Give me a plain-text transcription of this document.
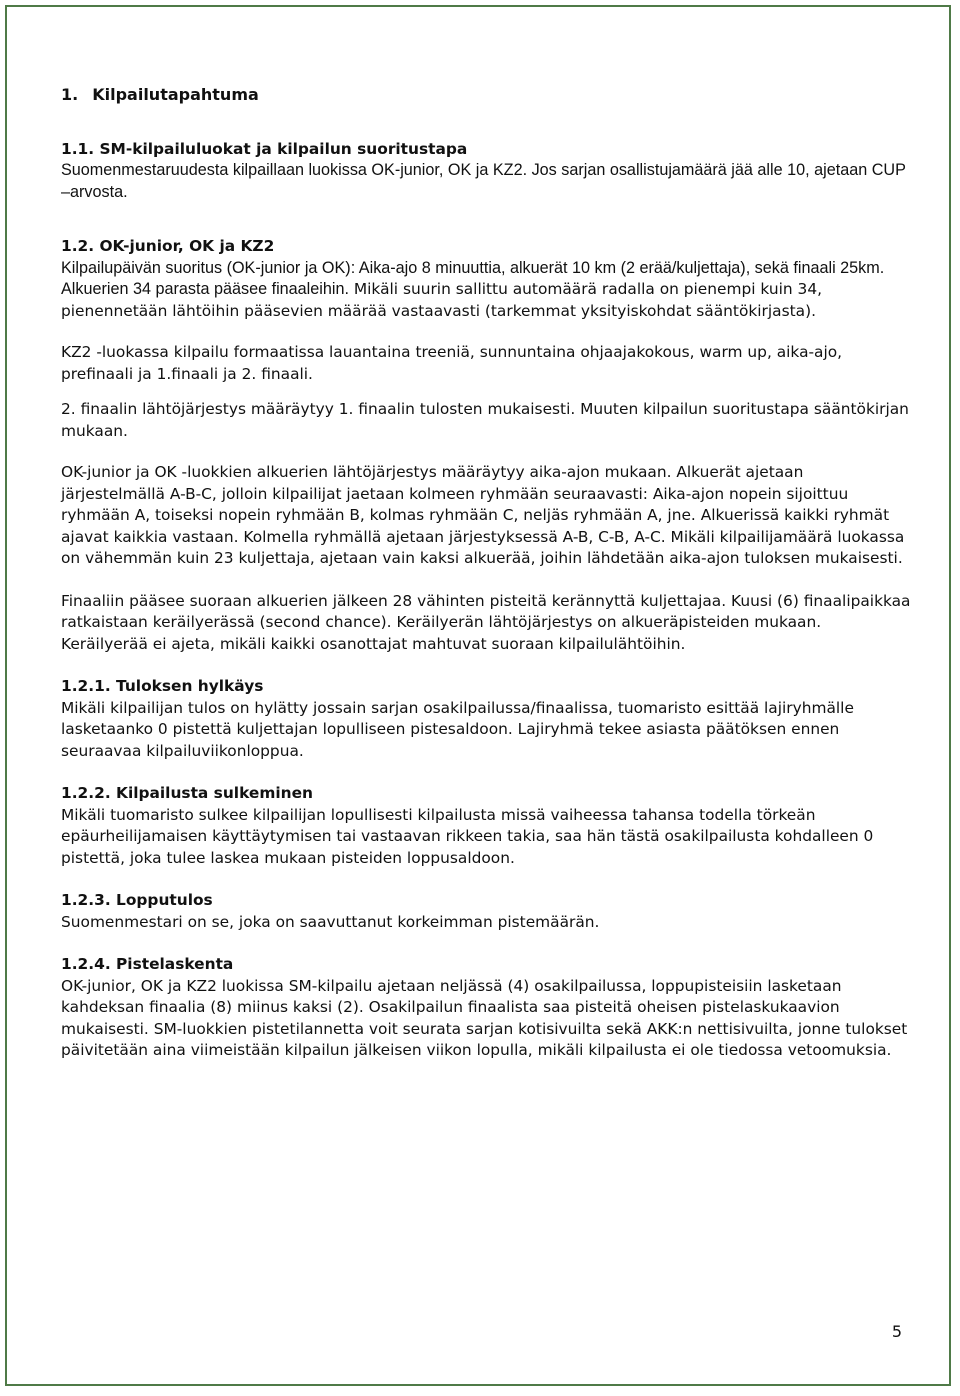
1. Kilpailutapahtuma
1.1. SM-kilpailuluokat ja kilpailun suoritustapa

Suomenmestaruudesta kilpaillaan luokissa OK-junior, OK ja KZ2. Jos sarjan osallistujamäärä jää alle 10, ajetaan CUP –arvosta.

1.2. OK-junior, OK ja KZ2

Kilpailupäivän suoritus (OK-junior ja OK): Aika-ajo 8 minuuttia, alkuerät 10 km (2 erää/kuljettaja), sekä finaali 25km. Alkuerien 34 parasta pääsee finaaleihin. Mikäli suurin sallittu automäärä radalla on pienempi kuin 34, pienennetään lähtöihin pääsevien määrää vastaavasti (tarkemmat yksityiskohdat sääntökirjasta).

KZ2 -luokassa kilpailu formaatissa lauantaina treeniä, sunnuntaina ohjaajakokous, warm up, aika-ajo, prefinaali ja 1.finaali ja 2. finaali.

2. finaalin lähtöjärjestys määräytyy 1. finaalin tulosten mukaisesti. Muuten kilpailun suoritustapa sääntökirjan mukaan.

OK-junior ja OK -luokkien alkuerien lähtöjärjestys määräytyy aika-ajon mukaan. Alkuerät ajetaan järjestelmällä A-B-C, jolloin kilpailijat jaetaan kolmeen ryhmään seuraavasti: Aika-ajon nopein sijoittuu ryhmään A, toiseksi nopein ryhmään B, kolmas ryhmään C, neljäs ryhmään A, jne. Alkuerissä kaikki ryhmät ajavat kaikkia vastaan. Kolmella ryhmällä ajetaan järjestyksessä A-B, C-B, A-C. Mikäli kilpailijamäärä luokassa on vähemmän kuin 23 kuljettaja, ajetaan vain kaksi alkuerää, joihin lähdetään aika-ajon tuloksen mukaisesti.

Finaaliin pääsee suoraan alkuerien jälkeen 28 vähinten pisteitä kerännyttä kuljettajaa. Kuusi (6) finaalipaikkaa ratkaistaan keräilyerässä (second chance). Keräilyerän lähtöjärjestys on alkueräpisteiden mukaan. Keräilyerää ei ajeta, mikäli kaikki osanottajat mahtuvat suoraan kilpailulähtöihin.

1.2.1. Tuloksen hylkäys

Mikäli kilpailijan tulos on hylätty jossain sarjan osakilpailussa/finaalissa, tuomaristo esittää lajiryhmälle lasketaanko 0 pistettä kuljettajan lopulliseen pistesaldoon. Lajiryhmä tekee asiasta päätöksen ennen seuraavaa kilpailuviikonloppua.

1.2.2. Kilpailusta sulkeminen

Mikäli tuomaristo sulkee kilpailijan lopullisesti kilpailusta missä vaiheessa tahansa todella törkeän epäurheilijamaisen käyttäytymisen tai vastaavan rikkeen takia, saa hän tästä osakilpailusta kohdalleen 0 pistettä, joka tulee laskea mukaan pisteiden loppusaldoon.

1.2.3. Lopputulos

Suomenmestari on se, joka on saavuttanut korkeimman pistemäärän.

1.2.4. Pistelaskenta

OK-junior, OK ja KZ2 luokissa SM-kilpailu ajetaan neljässä (4) osakilpailussa, loppupisteisiin lasketaan kahdeksan finaalia (8) miinus kaksi (2). Osakilpailun finaalista saa pisteitä oheisen pistelaskukaavion mukaisesti. SM-luokkien pistetilannetta voit seurata sarjan kotisivuilta sekä AKK:n nettisivuilta, jonne tulokset päivitetään aina viimeistään kilpailun jälkeisen viikon lopulla, mikäli kilpailusta ei ole tiedossa vetoomuksia.

5
